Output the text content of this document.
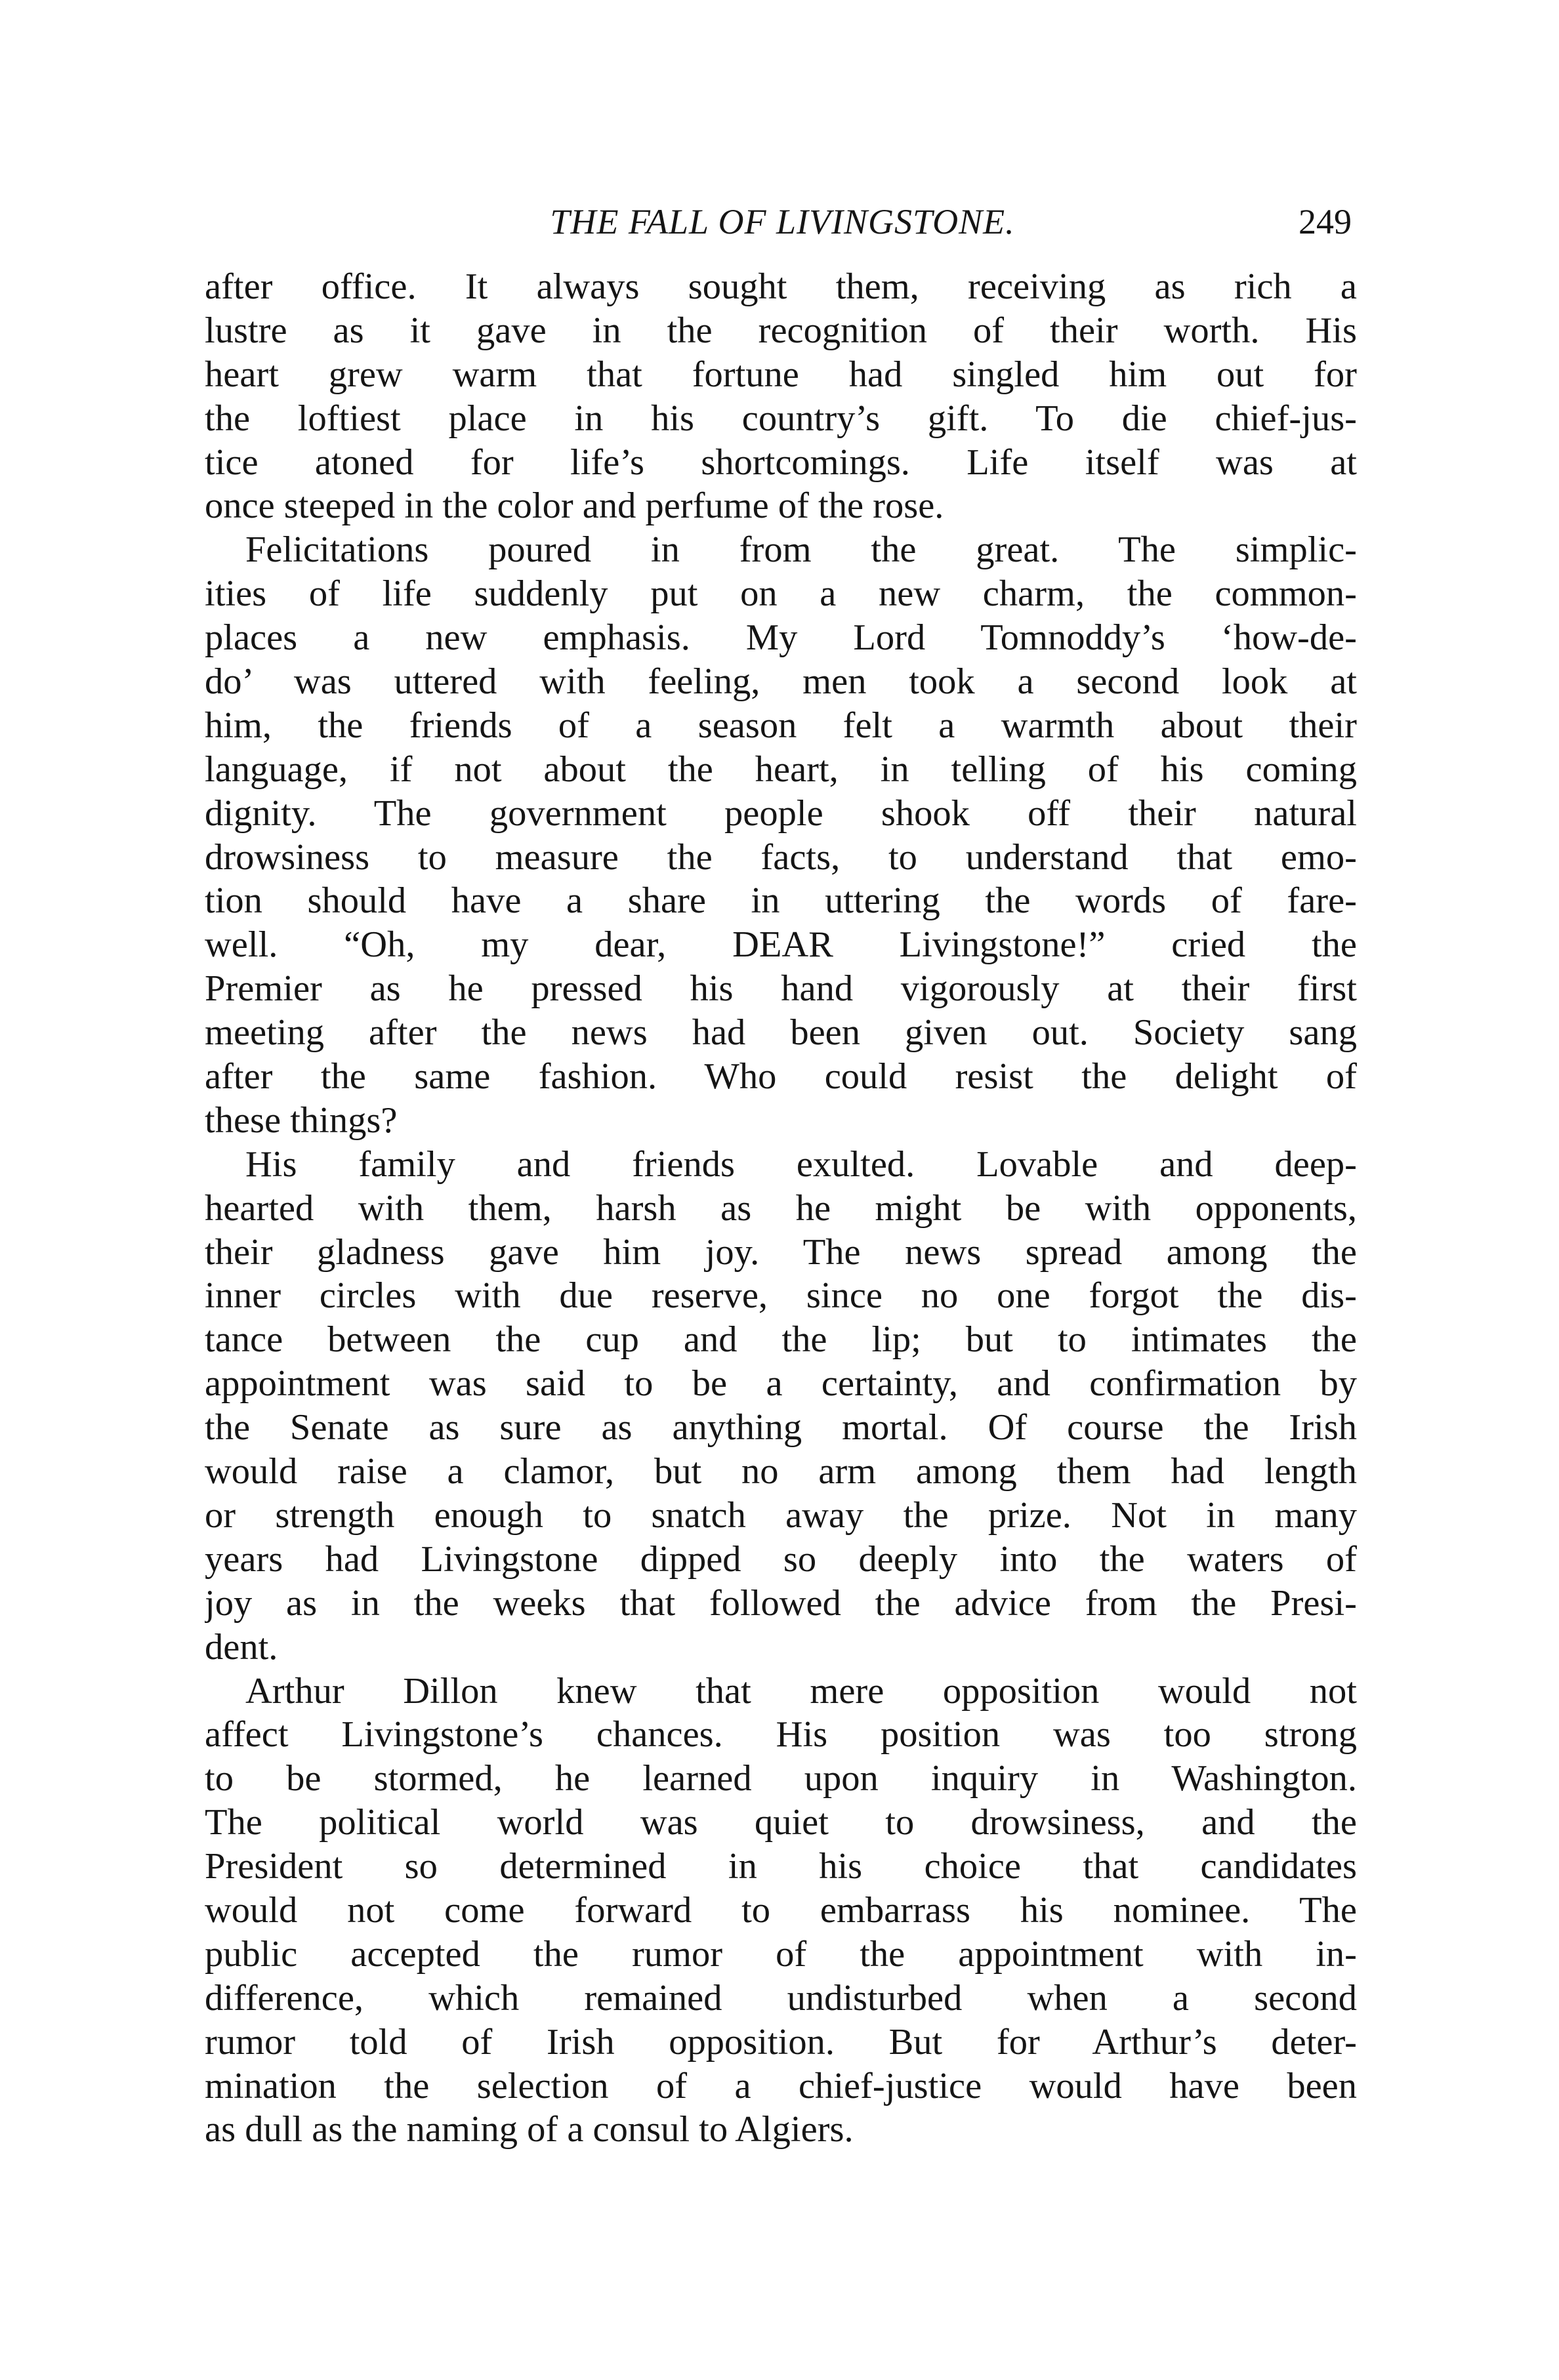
THE FALL OF LIVINGSTONE.	249
after office. It always sought them, receiving as rich a
lustre as it gave in the recognition of their worth. His
heart grew warm that fortune had singled him out for
the loftiest place in his country’s gift. To die chief-jus-
tice atoned for life’s shortcomings. Life itself was at
once steeped in the color and perfume of the rose.
Felicitations poured in from the great. The simplic-
ities of life suddenly put on a new charm, the common-
places a new emphasis. My Lord Tomnoddy’s ‘how-de-
do’ was uttered with feeling, men took a second look at
him, the friends of a season felt a warmth about their
language, if not about the heart, in telling of his coming
dignity. The government people shook off their natural
drowsiness to measure the facts, to understand that emo-
tion should have a share in uttering the words of fare-
well. “Oh, my dear, DEAR Livingstone!” cried the
Premier as he pressed his hand vigorously at their first
meeting after the news had been given out. Society sang
after the same fashion. Who could resist the delight of
these things?
His family and friends exulted. Lovable and deep-
hearted with them, harsh as he might be with opponents,
their gladness gave him joy. The news spread among the
inner circles with due reserve, since no one forgot the dis-
tance between the cup and the lip; but to intimates the
appointment was said to be a certainty, and confirmation by
the Senate as sure as anything mortal. Of course the Irish
would raise a clamor, but no arm among them had length
or strength enough to snatch away the prize. Not in many
years had Livingstone dipped so deeply into the waters of
joy as in the weeks that followed the advice from the Presi-
dent.
Arthur Dillon knew that mere opposition would not
affect Livingstone’s chances. His position was too strong
to be stormed, he learned upon inquiry in Washington.
The political world was quiet to drowsiness, and the
President so determined in his choice that candidates
would not come forward to embarrass his nominee. The
public accepted the rumor of the appointment with in-
difference, which remained undisturbed when a second
rumor told of Irish opposition. But for Arthur’s deter-
mination the selection of a chief-justice would have been
as dull as the naming of a consul to Algiers.
